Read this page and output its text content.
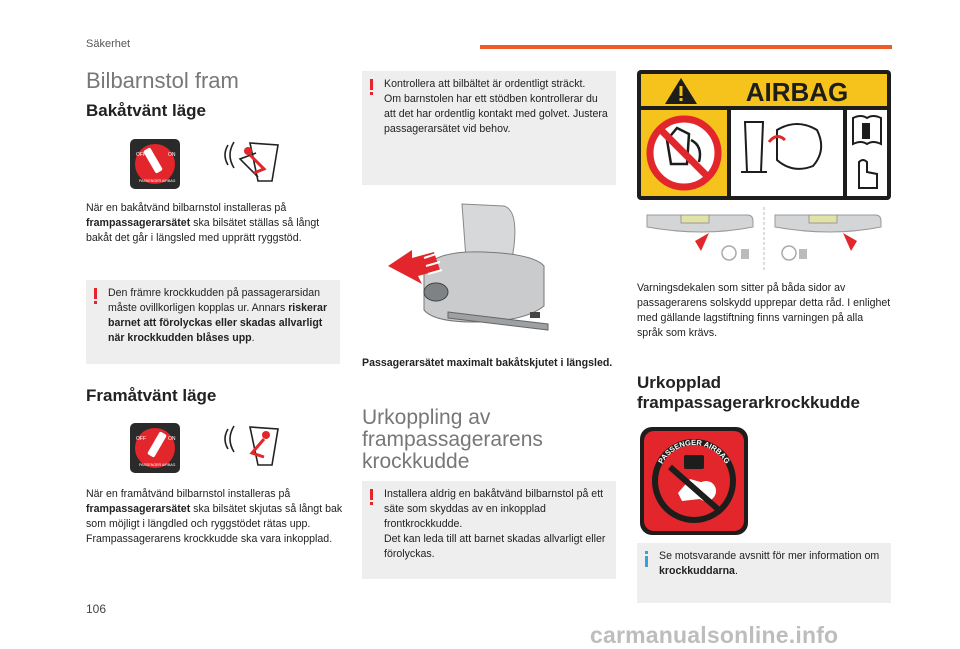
Säkerhet
Bilbarnstol fram
Bakåtvänt läge
OFF	ON
PASSENGER AIRBAG
När en bakåtvänd bilbarnstol installeras på frampassagerarsätet ska bilsätet ställas så långt bakåt det går i längsled med upprätt ryggstöd.
Den främre krockkudden på passagerarsidan måste ovillkorligen kopplas ur. Annars riskerar barnet att förolyckas eller skadas allvarligt när krockkudden blåses upp.
Framåtvänt läge
OFF	ON
PASSENGER AIRBAG
När en framåtvänd bilbarnstol installeras på frampassagerarsätet ska bilsätet skjutas så långt bak som möjligt i längdled och ryggstödet rätas upp. Frampassagerarens krockkudde ska vara inkopplad.
Kontrollera att bilbältet är ordentligt sträckt.
Om barnstolen har ett stödben kontrollerar du att det har ordentlig kontakt med golvet. Justera passagerarsätet vid behov.
Passagerarsätet maximalt bakåtskjutet i längsled.
Urkoppling av frampassagerarens krockkudde
Installera aldrig en bakåtvänd bilbarnstol på ett säte som skyddas av en inkopplad frontkrockkudde.
Det kan leda till att barnet skadas allvarligt eller förolyckas.
AIRBAG
Varningsdekalen som sitter på båda sidor av passagerarens solskydd upprepar detta råd. I enlighet med gällande lagstiftning finns varningen på alla språk som krävs.
Urkopplad frampassagerarkrockkudde
PASSENGER AIRBAG
Se motsvarande avsnitt för mer information om krockkuddarna.
106
carmanualsonline.info
